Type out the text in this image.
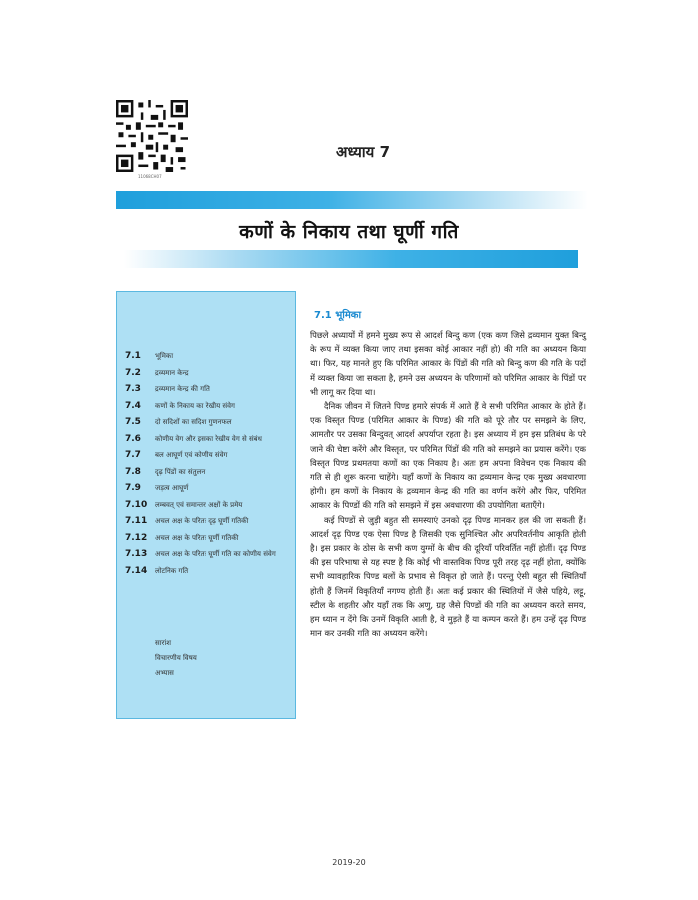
11068CH07
अध्याय 7
कणों के निकाय तथा घूर्णी गति
7.1	भूमिका
7.2	द्रव्यमान केन्द्र
7.3	द्रव्यमान केन्द्र की गति
7.4	कणों के निकाय का रेखीय संवेग
7.5	दो सदिशों का सदिश गुणनफल
7.6	कोणीय वेग और इसका रेखीय वेग से संबंध
7.7	बल आघूर्ण एवं कोणीय संवेग
7.8	दृढ़ पिंडों का संतुलन
7.9	जड़त्व आघूर्ण
7.10	लम्बवत् एवं समान्तर अक्षों के प्रमेय
7.11	अचल अक्ष के परितः दृढ़ घूर्णी गतिकी
7.12	अचल अक्ष के परितः घूर्णी गतिकी
7.13	अचल अक्ष के परितः घूर्णी गति का कोणीय संवेग
7.14	लोटनिक गति
सारांश
विचारणीय विषय
अभ्यास
7.1 भूमिका

पिछले अध्यायों में हमने मुख्य रूप से आदर्श बिन्दु कण (एक कण जिसे द्रव्यमान युक्त बिन्दु के रूप में व्यक्त किया जाए तथा इसका कोई आकार नहीं हो) की गति का अध्ययन किया था। फिर, यह मानते हुए कि परिमित आकार के पिंडों की गति को बिन्दु कण की गति के पदों में व्यक्त किया जा सकता है, हमने उस अध्ययन के परिणामों को परिमित आकार के पिंडों पर भी लागू कर दिया था।

दैनिक जीवन में जितने पिण्ड हमारे संपर्क में आते हैं वे सभी परिमित आकार के होते हैं। एक विस्तृत पिण्ड (परिमित आकार के पिण्ड) की गति को पूरे तौर पर समझने के लिए, आमतौर पर उसका बिन्दुवत् आदर्श अपर्याप्त रहता है। इस अध्याय में हम इस प्रतिबंध के परे जाने की चेष्टा करेंगे और विस्तृत, पर परिमित पिंडों की गति को समझने का प्रयास करेंगे। एक विस्तृत पिण्ड प्रथमतया कणों का एक निकाय है। अतः हम अपना विवेचन एक निकाय की गति से ही शुरू करना चाहेंगे। यहाँ कणों के निकाय का द्रव्यमान केन्द्र एक मुख्य अवधारणा होगी। हम कणों के निकाय के द्रव्यमान केन्द्र की गति का वर्णन करेंगे और फिर, परिमित आकार के पिण्डों की गति को समझने में इस अवधारणा की उपयोगिता बताएँगे।

कई पिण्डों से जुड़ी बहुत सी समस्याएं उनको दृढ़ पिण्ड मानकर हल की जा सकती हैं। आदर्श दृढ़ पिण्ड एक ऐसा पिण्ड है जिसकी एक सुनिश्चित और अपरिवर्तनीय आकृति होती है। इस प्रकार के ठोस के सभी कण युग्मों के बीच की दूरियाँ परिवर्तित नहीं होतीं। दृढ़ पिण्ड की इस परिभाषा से यह स्पष्ट है कि कोई भी वास्तविक पिण्ड पूरी तरह दृढ़ नहीं होता, क्योंकि सभी व्यावहारिक पिण्ड बलों के प्रभाव से विकृत हो जाते हैं। परन्तु ऐसी बहुत सी स्थितियाँ होती हैं जिनमें विकृतियाँ नगण्य होती हैं। अतः कई प्रकार की स्थितियों में जैसे पहिये, लट्टू, स्टील के शहतीर और यहाँ तक कि अणु, ग्रह जैसे पिण्डों की गति का अध्ययन करते समय, हम ध्यान न देंगे कि उनमें विकृति आती है, वे मुड़ते हैं या कम्पन करते हैं। हम उन्हें दृढ़ पिण्ड मान कर उनकी गति का अध्ययन करेंगे।

2019-20
